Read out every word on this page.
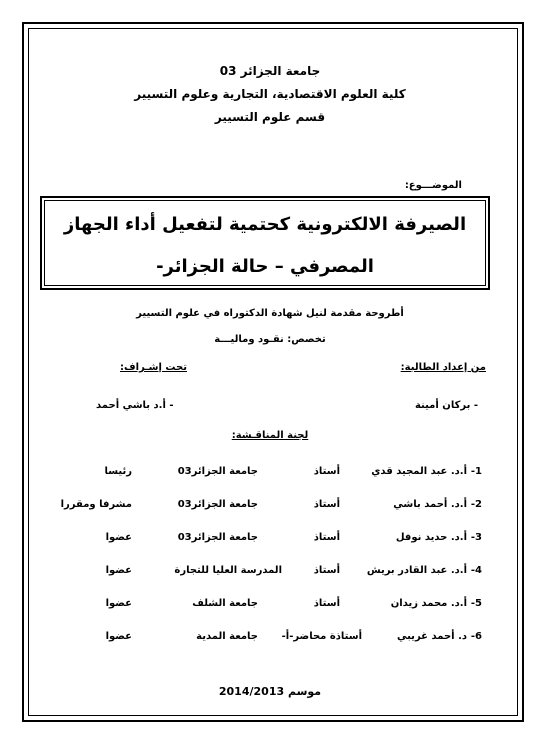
جامعة الجزائر 03
كلية العلوم الاقتصادية، التجارية وعلوم التسيير
قسم علوم التسيير
الموضـــوع:
الصيرفة الالكترونية كحتمية لتفعيل أداء الجهاز
المصرفي – حالة الجزائر-
أطروحة مقدمة لنيل شهادة الدكتوراه في علوم التسيير
تخصص: نقـود وماليـــة
من إعداد الطالبة:
تحت إشـراف:
- بركان أمينة
- أ.د باشي أحمد
لجنة المناقـشة:
1-
أ.د. عبد المجيد قدي
أستاذ
جامعة الجزائر03
رئيسا
2-
أ.د. أحمد باشي
أستاذ
جامعة الجزائر03
مشرفا ومقررا
3-
أ.د. حديد نوفل
أستاذ
جامعة الجزائر03
عضوا
4-
أ.د. عبد القادر بريش
أستاذ
المدرسة العليا للتجارة
عضوا
5-
أ.د. محمد زيدان
أستاذ
جامعة الشلف
عضوا
6-
د. أحمد غريبي
أستاذة محاضر-أ-
جامعة المدية
عضوا
موسم 2014/2013
